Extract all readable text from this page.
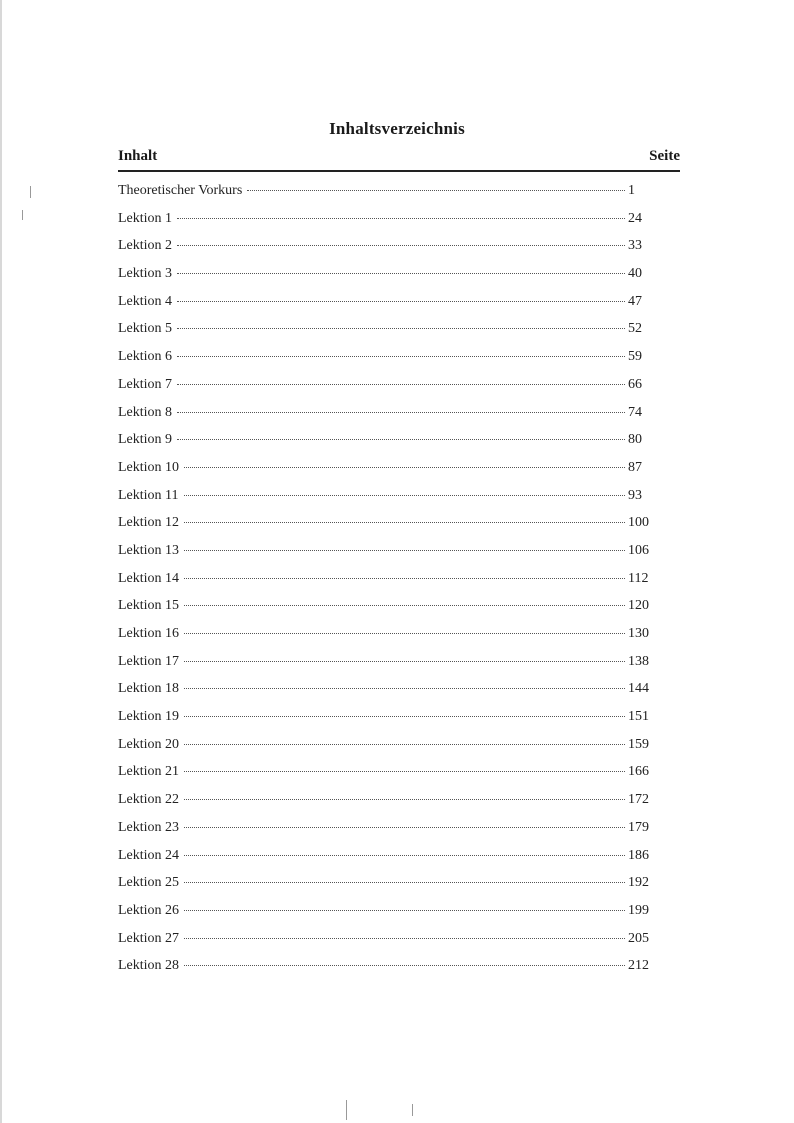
Inhaltsverzeichnis
Inhalt	Seite
Theoretischer Vorkurs	1
Lektion 1	24
Lektion 2	33
Lektion 3	40
Lektion 4	47
Lektion 5	52
Lektion 6	59
Lektion 7	66
Lektion 8	74
Lektion 9	80
Lektion 10	87
Lektion 11	93
Lektion 12	100
Lektion 13	106
Lektion 14	112
Lektion 15	120
Lektion 16	130
Lektion 17	138
Lektion 18	144
Lektion 19	151
Lektion 20	159
Lektion 21	166
Lektion 22	172
Lektion 23	179
Lektion 24	186
Lektion 25	192
Lektion 26	199
Lektion 27	205
Lektion 28	212
